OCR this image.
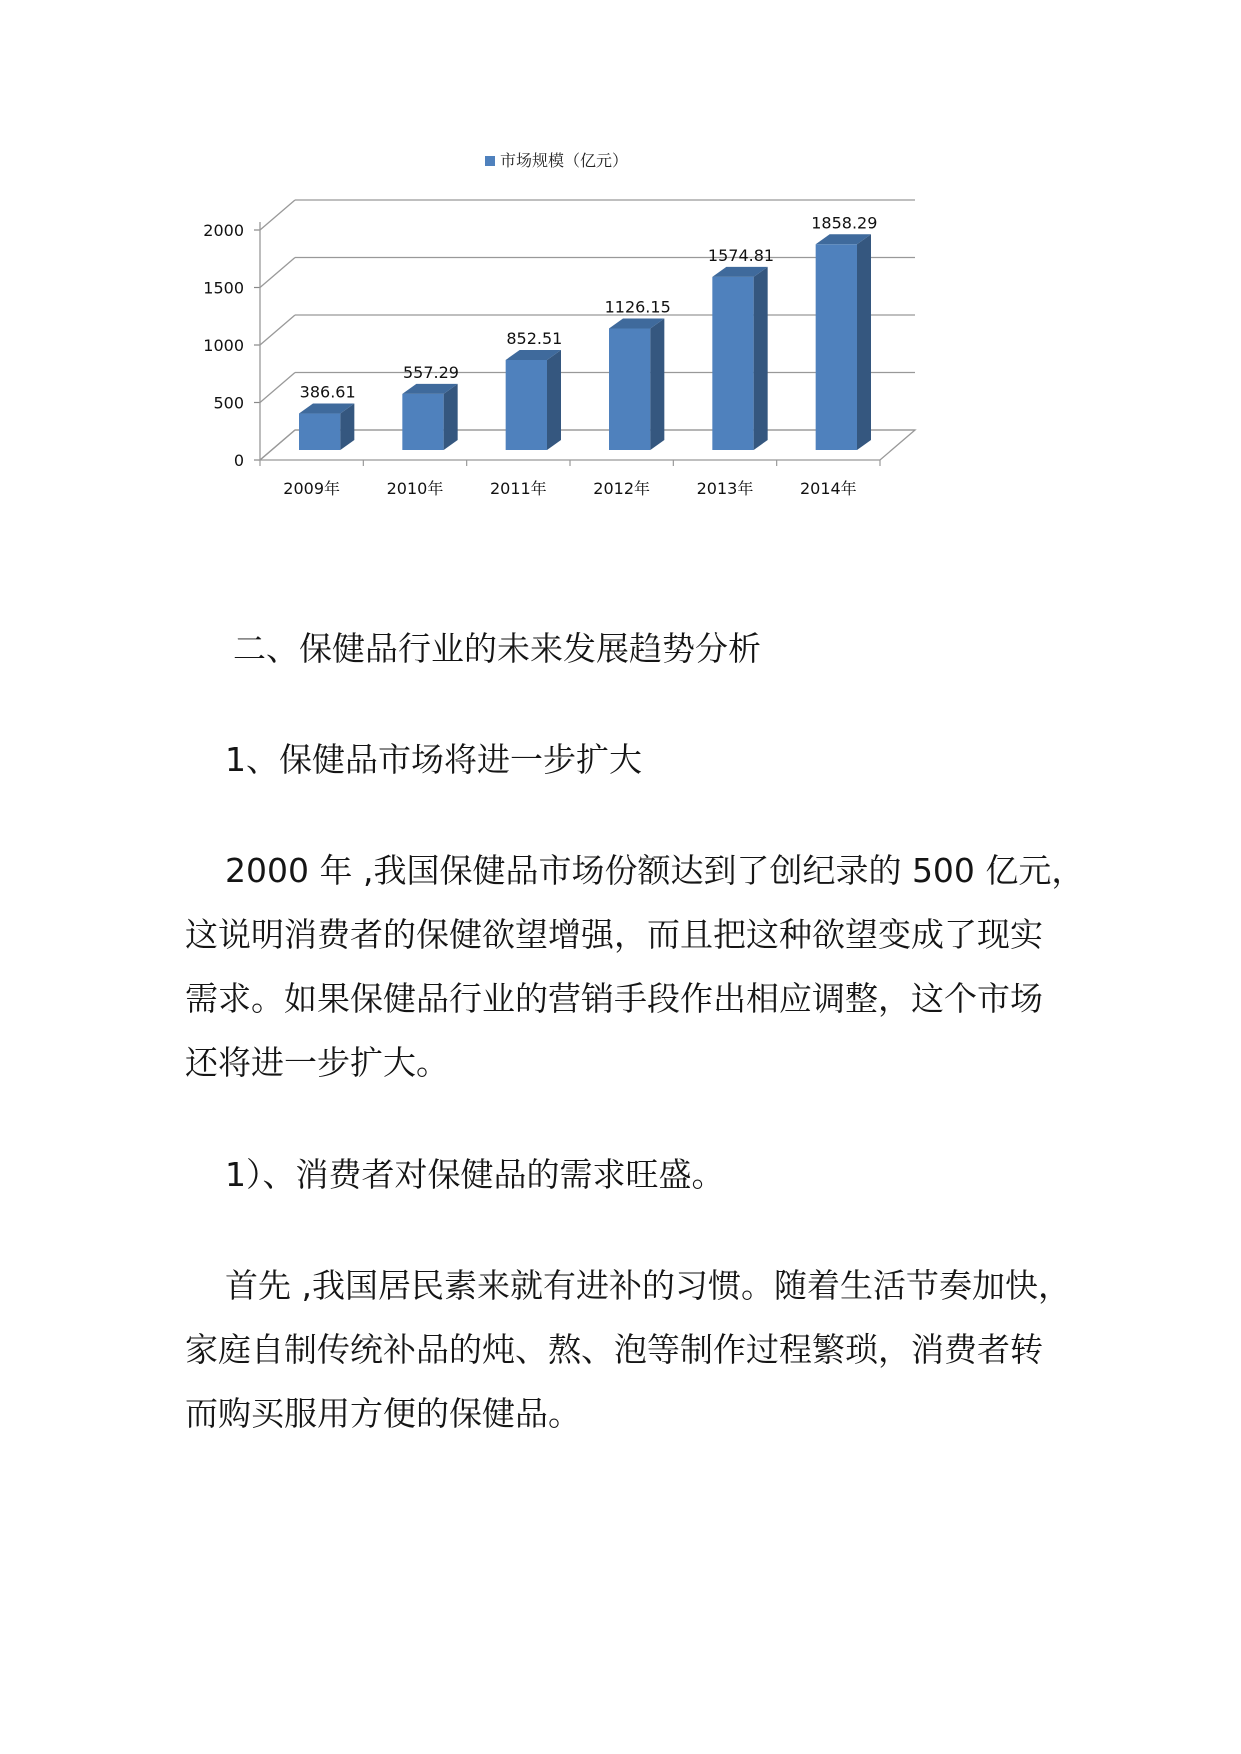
市场规模（亿元）
386.61
557.29
852.51
1126.15
1574.81
1858.29
2009年	2010年	2011年	2012年	2013年	2014年
0
500
1000
1500
2000
二、保健品行业的未来发展趋势分析
1、保健品市场将进一步扩大
2000 年 ,我国保健品市场份额达到了创纪录的 500 亿元，
这说明消费者的保健欲望增强，而且把这种欲望变成了现实
需求。如果保健品行业的营销手段作出相应调整，这个市场
还将进一步扩大。
1）、消费者对保健品的需求旺盛。
首先 ,我国居民素来就有进补的习惯。随着生活节奏加快，
家庭自制传统补品的炖、熬、泡等制作过程繁琐，消费者转
而购买服用方便的保健品。
